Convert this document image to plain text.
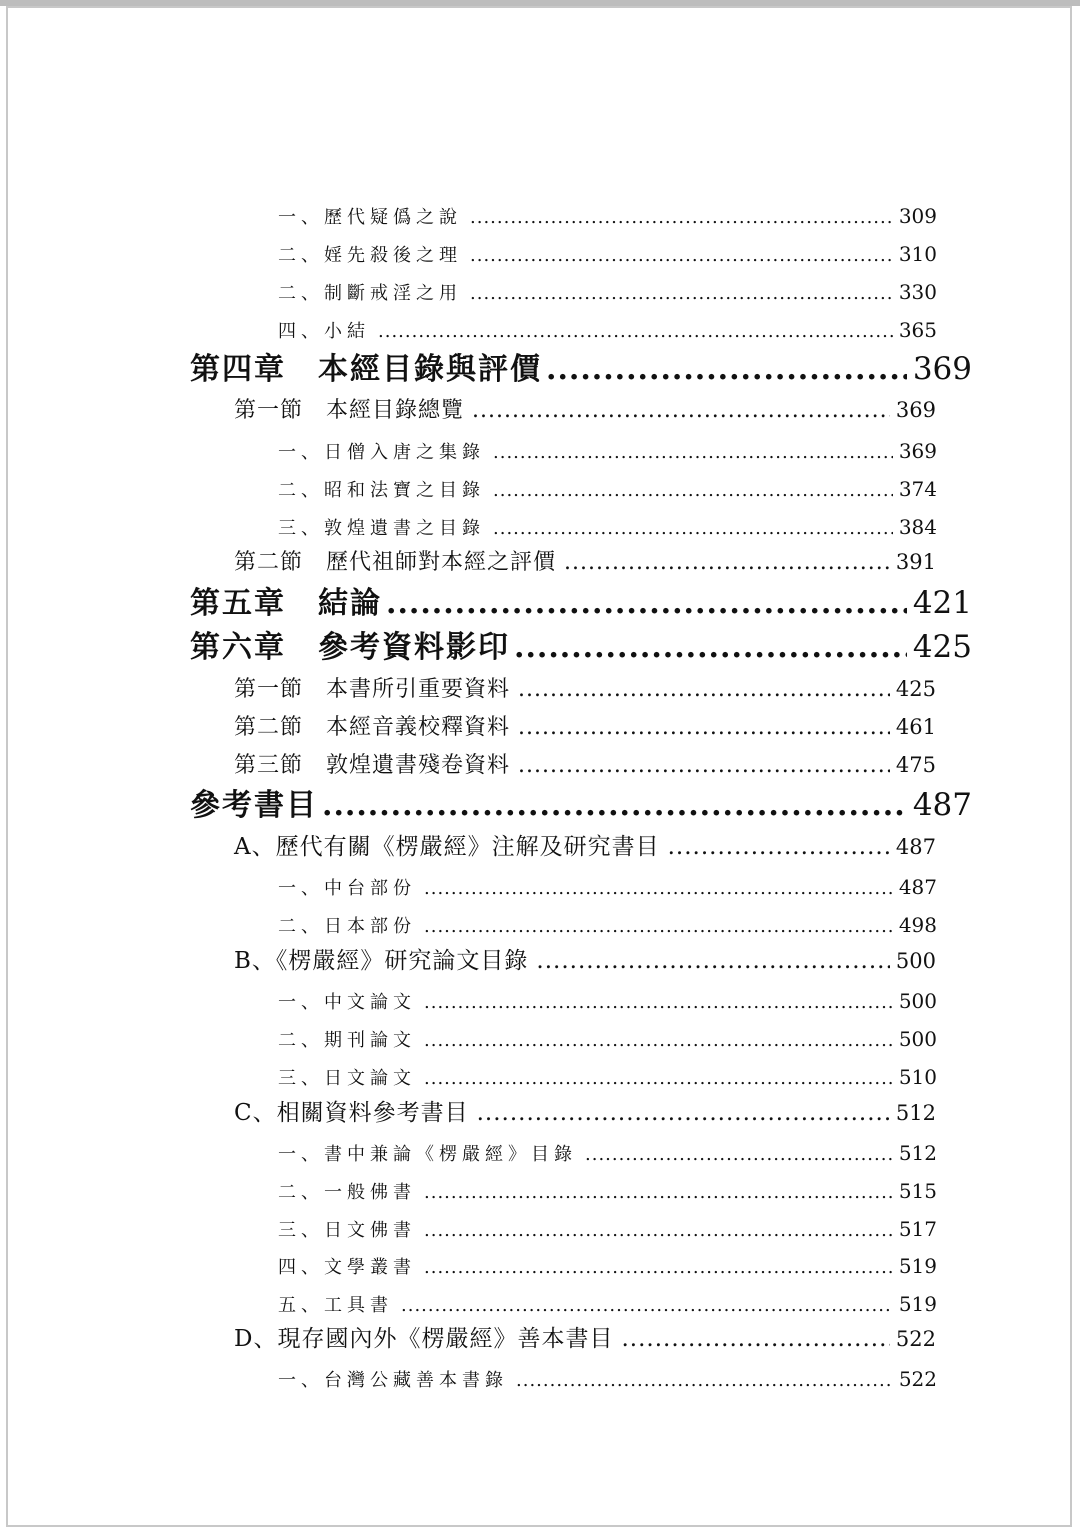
一、歷代疑僞之說 .....	309
二、婬先殺後之理 .....	310
二、制斷戒淫之用 .....	330
四、小結 .....	365
第四章　本經目錄與評價 .....	369
第一節　本經目錄總覽 .....	369
一、日僧入唐之集錄 .....	369
二、昭和法寶之目錄 .....	374
三、敦煌遺書之目錄 .....	384
第二節　歷代祖師對本經之評價 .....	391
第五章　結論 .....	421
第六章　參考資料影印 .....	425
第一節　本書所引重要資料 .....	425
第二節　本經音義校釋資料 .....	461
第三節　敦煌遺書殘卷資料 .....	475
參考書目 .....	487
A、歷代有關《楞嚴經》注解及研究書目 .....	487
一、中台部份 .....	487
二、日本部份 .....	498
B、《楞嚴經》研究論文目錄 .....	500
一、中文論文 .....	500
二、期刊論文 .....	500
三、日文論文 .....	510
C、相關資料參考書目 .....	512
一、書中兼論《楞嚴經》目錄 .....	512
二、一般佛書 .....	515
三、日文佛書 .....	517
四、文學叢書 .....	519
五、工具書 .....	519
D、現存國內外《楞嚴經》善本書目 .....	522
一、台灣公藏善本書錄 .....	522
